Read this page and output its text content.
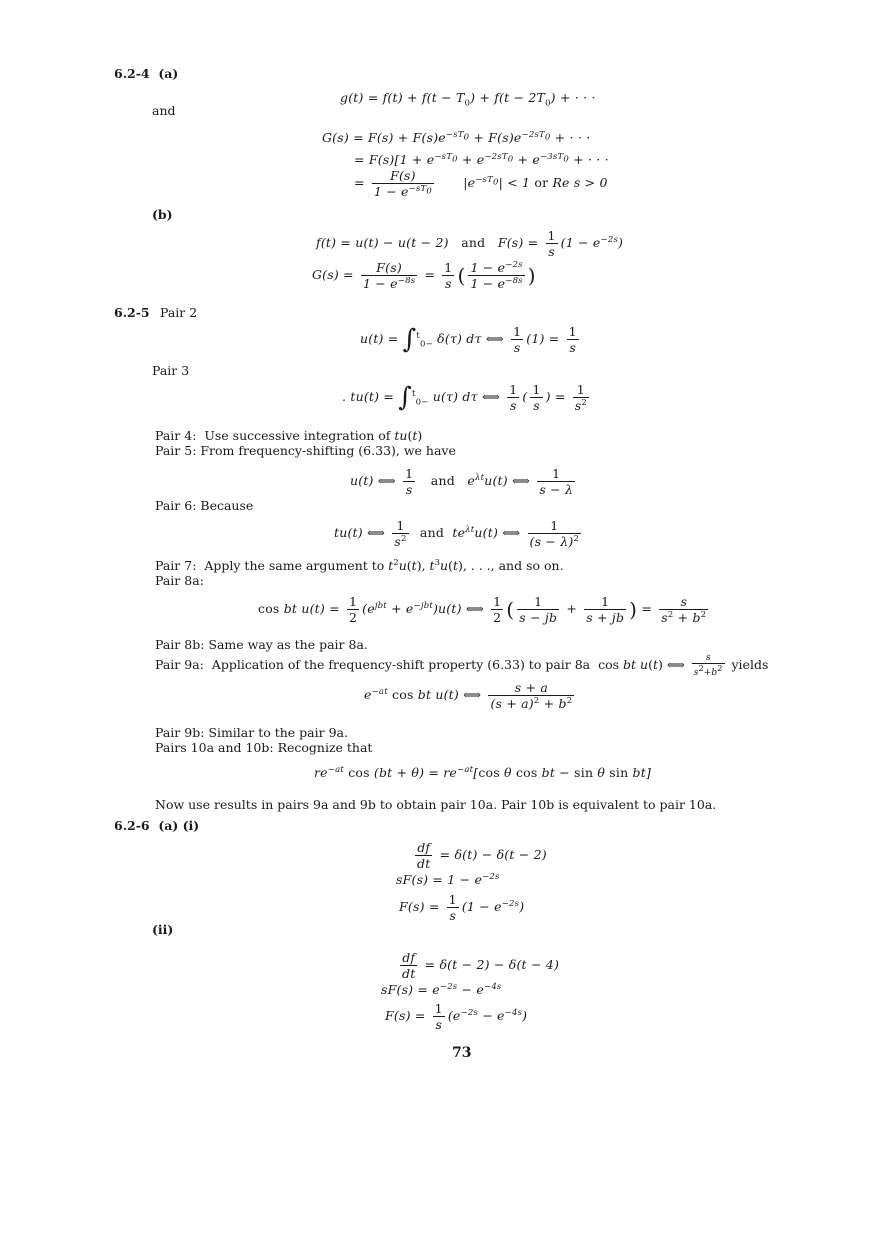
6.2-4 (a)
$g(t) = f(t) + f(t - T_0) + f(t - 2T_0)$ + · · ·
and
$G(s) = F(s) + F(s)e^{-sT_0} + F(s)e^{-2sT_0}$ + · · ·
= $F(s)[1 + e^{-sT_0} + e^{-2sT_0} + e^{-3sT_0}$ + · · ·
= $\frac{F(s)}{1 - e^{-sT_0}} |e^{-sT_0}| < 1$ or Re s > 0
(b)
f(t) = u(t) − u(t − 2)   and   $F(s) = \frac{1}{s} (1 - e^{-2s})$
$G(s) = \frac{F(s)}{1 - e^{-8s}} = \frac{1}{s}$ ( $\frac{1 - e^{-2s}}{1 - e^{-8s}}$ )
6.2-5 Pair 2
u(t) = ∫$^t_{0-}$ δ(τ) dτ ⟺ $\frac{1}{s} (1) = \frac{1}{s}$
Pair 3
. tu(t) = ∫$^t_{0-}$ u(τ) dτ ⟺ $\frac{1}{s}$ ( $\frac{1}{s}$ ) = $\frac{1}{s^2}$
Pair 4:  Use successive integration of tu(t)
Pair 5: From frequency-shifting (6.33), we have
u(t) ⟺ $\frac{1}{s}$ and   $e^{\lambda t}u(t)$ ⟺ $\frac{1}{s - \lambda}$
Pair 6: Because
tu(t) ⟺ $\frac{1}{s^2}$ and  $te^{\lambda t}u(t)$ ⟺ $\frac{1}{(s - \lambda)^2}$
Pair 7:  Apply the same argument to $t^2u(t)$, $t^3u(t)$, . . ., and so on.
Pair 8a:
cos bt $u(t) = \frac{1}{2} (e^{jbt} + e^{-jbt})u(t)$ ⟺ $\frac{1}{2}$ ( $\frac{1}{s - jb} + \frac{1}{s + jb}$ ) = $\frac{s}{s^2 + b^2}$
Pair 8b: Same way as the pair 8a.
Pair 9a:  Application of the frequency-shift property (6.33) to pair 8a  cos bt u(t) ⟺ $\frac{s}{s^2+b^2}$ yields
$e^{-at}$ cos bt u(t) ⟺ $\frac{s + a}{(s + a)^2 + b^2}$
Pair 9b: Similar to the pair 9a.
Pairs 10a and 10b: Recognize that
$re^{-at}$ $\cos (bt + \theta) = re^{-at}[\cos$ θ cos bt − sin θ sin bt]
Now use results in pairs 9a and 9b to obtain pair 10a. Pair 10b is equivalent to pair 10a.
6.2-6 (a) (i)
$\frac{df}{dt} = \delta(t) - \delta(t - 2)$
$sF(s) = 1 - e^{-2s}$
$F(s) = \frac{1}{s} (1 - e^{-2s})$
(ii)
$\frac{df}{dt} = \delta(t - 2) - \delta(t - 4)$
$sF(s) = e^{-2s} - e^{-4s}$
$F(s) = \frac{1}{s} (e^{-2s} - e^{-4s})$
73
